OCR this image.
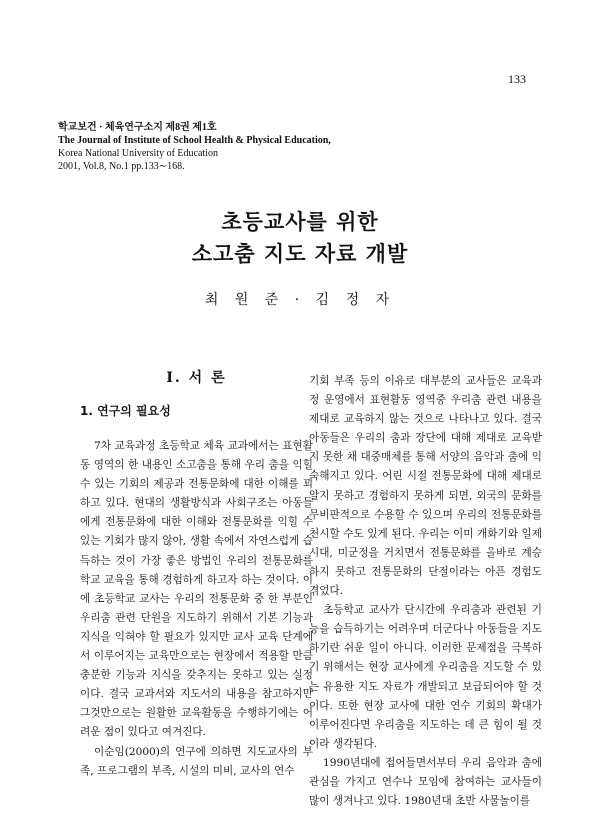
133
학교보건 · 체육연구소지 제8권 제1호
The Journal of Institute of School Health & Physical Education,
Korea National University of Education
2001, Vol.8, No.1 pp.133∼168.
초등교사를 위한
소고춤 지도 자료 개발
최 원 준 · 김 정 자
Ⅰ. 서 론
1. 연구의 필요성

7차 교육과정 초등학교 체육 교과에서는 표현활동 영역의 한 내용인 소고춤을 통해 우리 춤을 익힐 수 있는 기회의 제공과 전통문화에 대한 이해를 꾀하고 있다. 현대의 생활방식과 사회구조는 아동들에게 전통문화에 대한 이해와 전통문화를 익힐 수 있는 기회가 많지 않아, 생활 속에서 자연스럽게 습득하는 것이 가장 좋은 방법인 우리의 전통문화를 학교 교육을 통해 경험하게 하고자 하는 것이다. 이에 초등학교 교사는 우리의 전통문화 중 한 부분인 우리춤 관련 단원을 지도하기 위해서 기본 기능과 지식을 익혀야 할 필요가 있지만 교사 교육 단계에서 이루어지는 교육만으로는 현장에서 적용할 만큼 충분한 기능과 지식을 갖추지는 못하고 있는 실정이다. 결국 교과서와 지도서의 내용을 참고하지만 그것만으로는 원활한 교육활동을 수행하기에는 어려운 점이 있다고 여겨진다.

이순임(2000)의 연구에 의하면 지도교사의 부족, 프로그램의 부족, 시설의 미비, 교사의 연수

기회 부족 등의 이유로 대부분의 교사들은 교육과정 운영에서 표현활동 영역중 우리춤 관련 내용을 제대로 교육하지 않는 것으로 나타나고 있다. 결국 아동들은 우리의 춤과 장단에 대해 제대로 교육받지 못한 채 대중매체를 통해 서양의 음악과 춤에 익숙해지고 있다. 어린 시절 전통문화에 대해 제대로 알지 못하고 경험하지 못하게 되면, 외국의 문화를 무비판적으로 수용할 수 있으며 우리의 전통문화를 천시할 수도 있게 된다. 우리는 이미 개화기와 일제시대, 미군정을 거치면서 전통문화를 올바로 계승하지 못하고 전통문화의 단절이라는 아픈 경험도 겪었다.

초등학교 교사가 단시간에 우리춤과 관련된 기능을 습득하기는 어려우며 더군다나 아동들을 지도하기란 쉬운 일이 아니다. 이러한 문제점을 극복하기 위해서는 현장 교사에게 우리춤을 지도할 수 있는 유용한 지도 자료가 개발되고 보급되어야 할 것이다. 또한 현장 교사에 대한 연수 기회의 확대가 이루어진다면 우리춤을 지도하는 데 큰 힘이 될 것이라 생각된다.

1990년대에 접어들면서부터 우리 음악과 춤에 관심을 가지고 연수나 모임에 참여하는 교사들이 많이 생겨나고 있다. 1980년대 초반 사물놀이를
